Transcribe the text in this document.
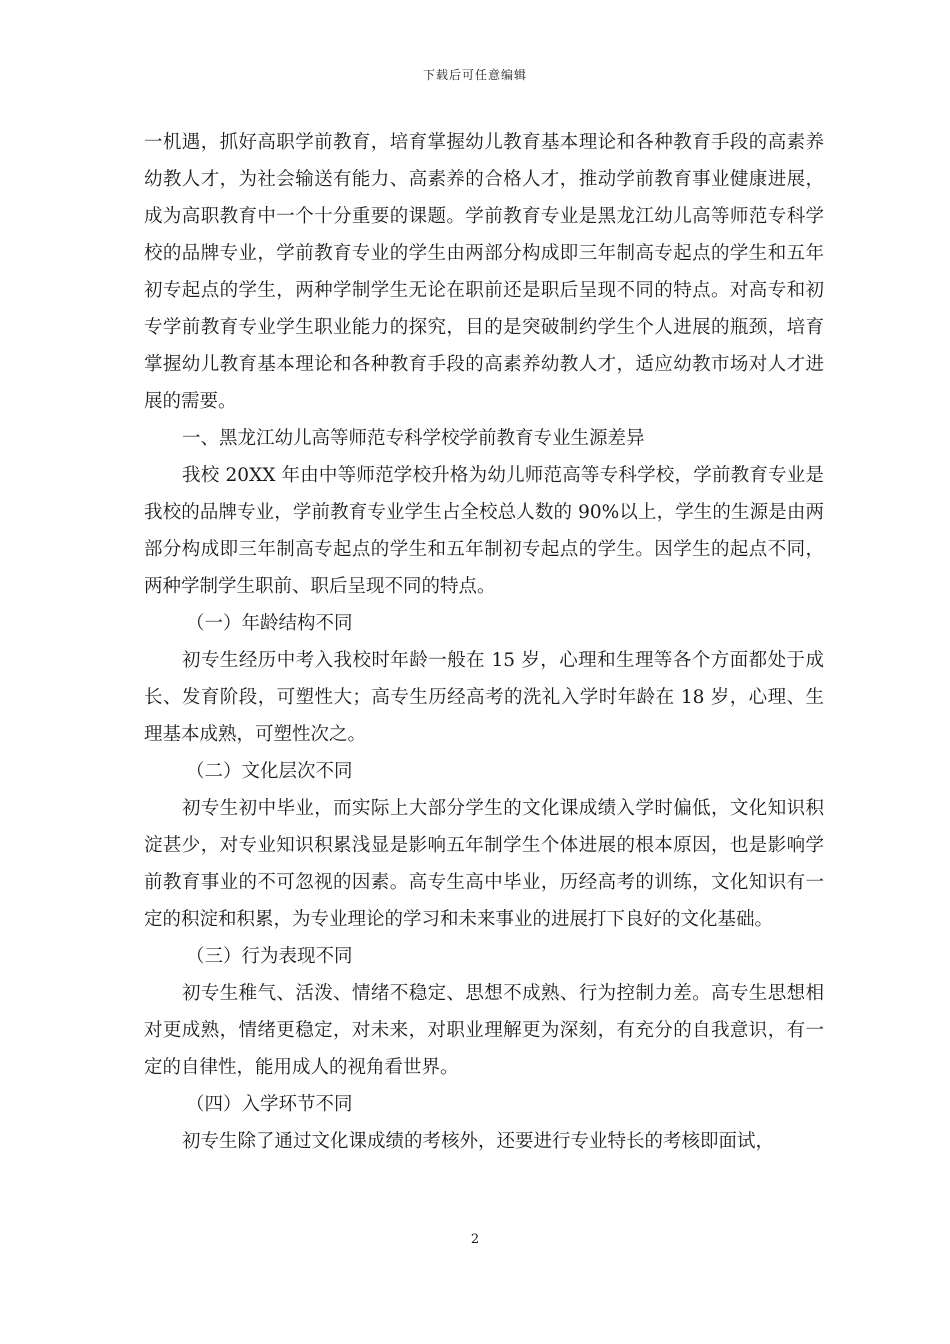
下载后可任意编辑

一机遇，抓好高职学前教育，培育掌握幼儿教育基本理论和各种教育手段的高素养幼教人才，为社会输送有能力、高素养的合格人才，推动学前教育事业健康进展，成为高职教育中一个十分重要的课题。学前教育专业是黑龙江幼儿高等师范专科学校的品牌专业，学前教育专业的学生由两部分构成即三年制高专起点的学生和五年初专起点的学生，两种学制学生无论在职前还是职后呈现不同的特点。对高专和初专学前教育专业学生职业能力的探究，目的是突破制约学生个人进展的瓶颈，培育掌握幼儿教育基本理论和各种教育手段的高素养幼教人才，适应幼教市场对人才进展的需要。

一、黑龙江幼儿高等师范专科学校学前教育专业生源差异

我校 20XX 年由中等师范学校升格为幼儿师范高等专科学校，学前教育专业是我校的品牌专业，学前教育专业学生占全校总人数的 90%以上，学生的生源是由两部分构成即三年制高专起点的学生和五年制初专起点的学生。因学生的起点不同，两种学制学生职前、职后呈现不同的特点。

（一）年龄结构不同

初专生经历中考入我校时年龄一般在 15 岁，心理和生理等各个方面都处于成长、发育阶段，可塑性大；高专生历经高考的洗礼入学时年龄在 18 岁，心理、生理基本成熟，可塑性次之。

（二）文化层次不同

初专生初中毕业，而实际上大部分学生的文化课成绩入学时偏低，文化知识积淀甚少，对专业知识积累浅显是影响五年制学生个体进展的根本原因，也是影响学前教育事业的不可忽视的因素。高专生高中毕业，历经高考的训练，文化知识有一定的积淀和积累，为专业理论的学习和未来事业的进展打下良好的文化基础。

（三）行为表现不同

初专生稚气、活泼、情绪不稳定、思想不成熟、行为控制力差。高专生思想相对更成熟，情绪更稳定，对未来，对职业理解更为深刻，有充分的自我意识，有一定的自律性，能用成人的视角看世界。

（四）入学环节不同

初专生除了通过文化课成绩的考核外，还要进行专业特长的考核即面试，

2
